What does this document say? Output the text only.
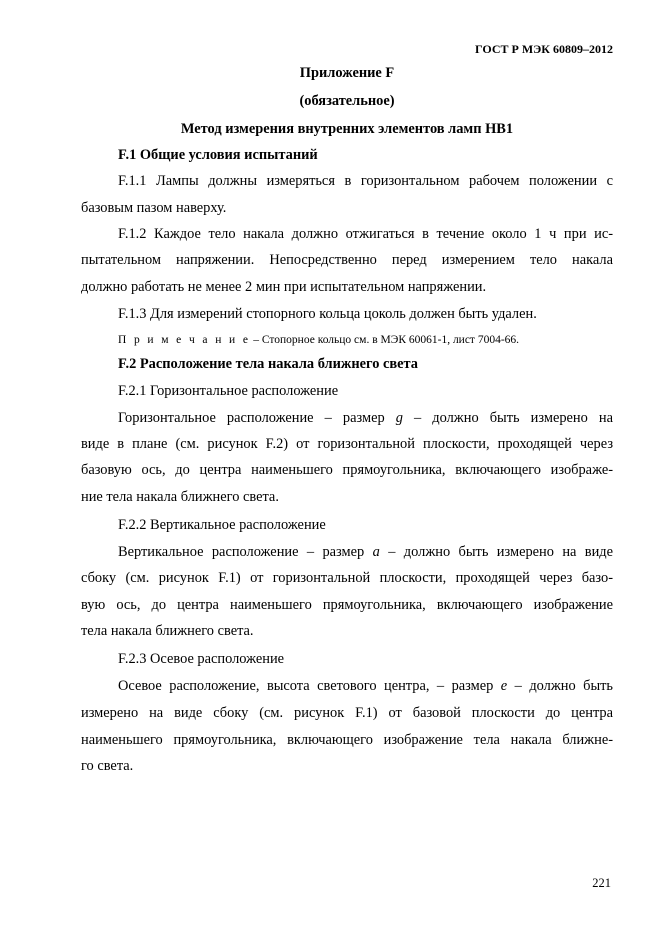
ГОСТ Р МЭК 60809–2012
Приложение F
(обязательное)
Метод измерения внутренних элементов ламп НВ1
F.1 Общие условия испытаний
F.1.1 Лампы должны измеряться в горизонтальном рабочем положении с
базовым пазом наверху.
F.1.2 Каждое тело накала должно отжигаться в течение около 1 ч при ис-
пытательном напряжении. Непосредственно перед измерением тело накала
должно работать не менее 2 мин при испытательном напряжении.
F.1.3 Для измерений стопорного кольца цоколь должен быть удален.
П р и м е ч а н и е – Стопорное кольцо см. в МЭК 60061-1, лист 7004-66.
F.2 Расположение тела накала ближнего света
F.2.1 Горизонтальное расположение
Горизонтальное расположение – размер g – должно быть измерено на
виде в плане (см. рисунок F.2) от горизонтальной плоскости, проходящей через
базовую ось, до центра наименьшего прямоугольника, включающего изображе-
ние тела накала ближнего света.
F.2.2 Вертикальное расположение
Вертикальное расположение – размер a – должно быть измерено на виде
сбоку (см. рисунок F.1) от горизонтальной плоскости, проходящей через базо-
вую ось, до центра наименьшего прямоугольника, включающего изображение
тела накала ближнего света.
F.2.3 Осевое расположение
Осевое расположение, высота светового центра, – размер e – должно быть
измерено на виде сбоку (см. рисунок F.1) от базовой плоскости до центра
наименьшего прямоугольника, включающего изображение тела накала ближне-
го света.
221
